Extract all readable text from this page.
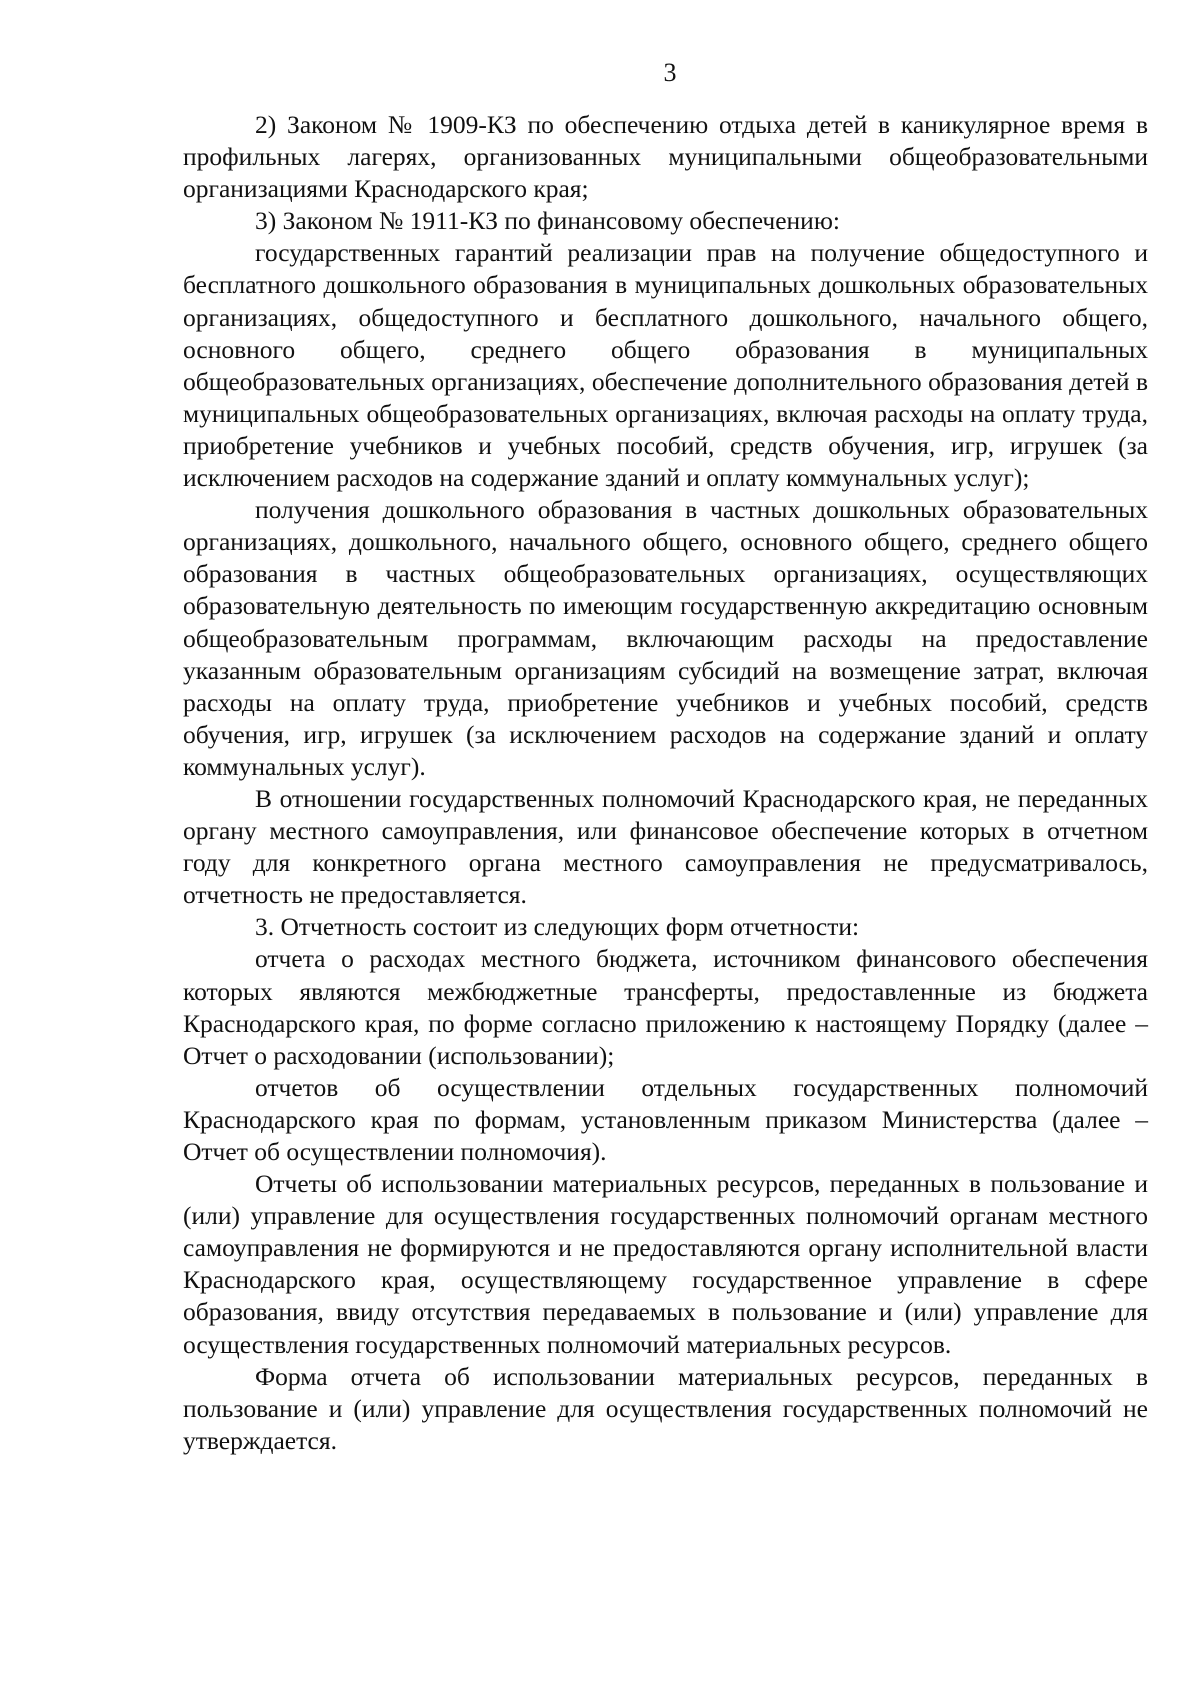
3

2) Законом № 1909-КЗ по обеспечению отдыха детей в каникулярное время в профильных лагерях, организованных муниципальными общеобразовательными организациями Краснодарского края;

3) Законом № 1911-КЗ по финансовому обеспечению:

государственных гарантий реализации прав на получение общедоступного и бесплатного дошкольного образования в муниципальных дошкольных образовательных организациях, общедоступного и бесплатного дошкольного, начального общего, основного общего, среднего общего образования в муниципальных общеобразовательных организациях, обеспечение дополнительного образования детей в муниципальных общеобразовательных организациях, включая расходы на оплату труда, приобретение учебников и учебных пособий, средств обучения, игр, игрушек (за исключением расходов на содержание зданий и оплату коммунальных услуг);

получения дошкольного образования в частных дошкольных образовательных организациях, дошкольного, начального общего, основного общего, среднего общего образования в частных общеобразовательных организациях, осуществляющих образовательную деятельность по имеющим государственную аккредитацию основным общеобразовательным программам, включающим расходы на предоставление указанным образовательным организациям субсидий на возмещение затрат, включая расходы на оплату труда, приобретение учебников и учебных пособий, средств обучения, игр, игрушек (за исключением расходов на содержание зданий и оплату коммунальных услуг).

В отношении государственных полномочий Краснодарского края, не переданных органу местного самоуправления, или финансовое обеспечение которых в отчетном году для конкретного органа местного самоуправления не предусматривалось, отчетность не предоставляется.

3. Отчетность состоит из следующих форм отчетности:

отчета о расходах местного бюджета, источником финансового обеспечения которых являются межбюджетные трансферты, предоставленные из бюджета Краснодарского края, по форме согласно приложению к настоящему Порядку (далее – Отчет о расходовании (использовании);

отчетов об осуществлении отдельных государственных полномочий Краснодарского края по формам, установленным приказом Министерства (далее – Отчет об осуществлении полномочия).

Отчеты об использовании материальных ресурсов, переданных в пользование и (или) управление для осуществления государственных полномочий органам местного самоуправления не формируются и не предоставляются органу исполнительной власти Краснодарского края, осуществляющему государственное управление в сфере образования, ввиду отсутствия передаваемых в пользование и (или) управление для осуществления государственных полномочий материальных ресурсов.

Форма отчета об использовании материальных ресурсов, переданных в пользование и (или) управление для осуществления государственных полномочий не утверждается.
